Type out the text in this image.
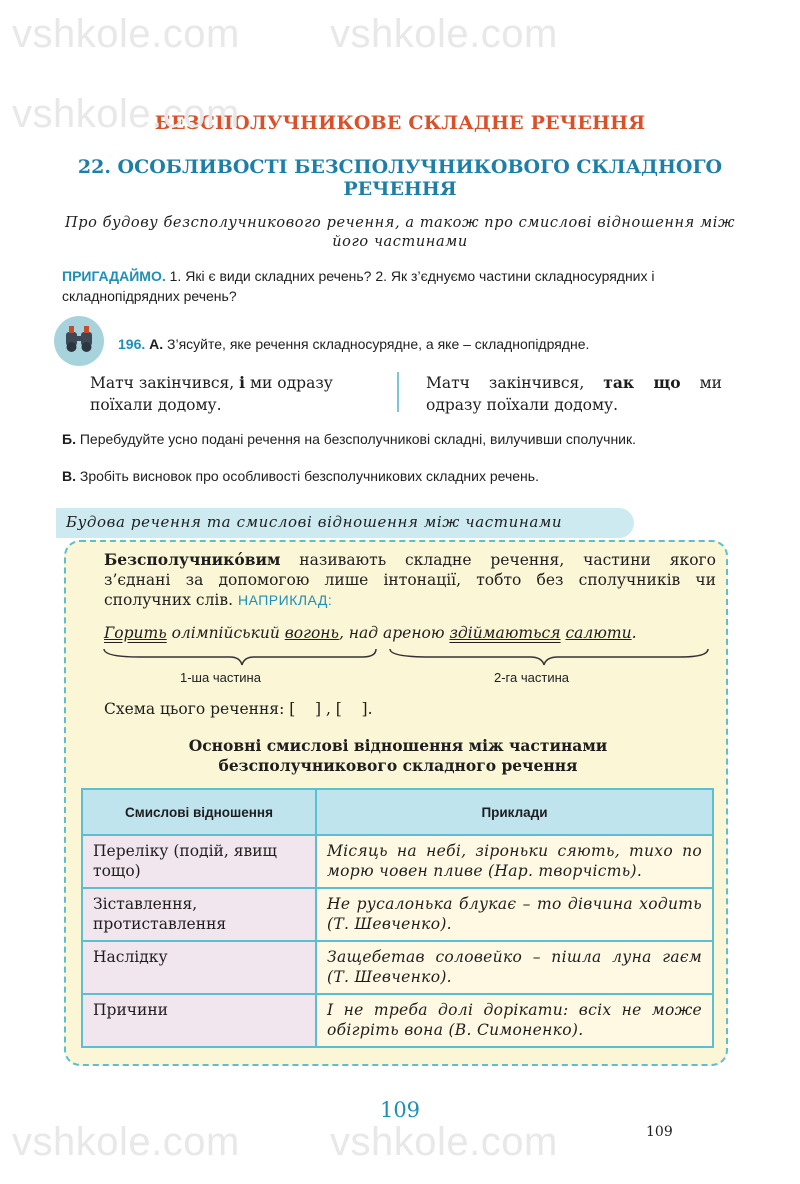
БЕЗСПОЛУЧНИКОВЕ СКЛАДНЕ РЕЧЕННЯ
22. ОСОБЛИВОСТІ БЕЗСПОЛУЧНИКОВОГО СКЛАДНОГО РЕЧЕННЯ
Про будову безсполучникового речення, а також про смислові відношення між його частинами
ПРИГАДАЙМО. 1. Які є види складних речень? 2. Як з’єднуємо частини складносурядних і складнопідрядних речень?
196. А. З’ясуйте, яке речення складносурядне, а яке – складнопідрядне.
Матч закінчився, і ми одразу поїхали додому.
Матч закінчився, так що ми одразу поїхали додому.
Б. Перебудуйте усно подані речення на безсполучникові складні, вилучивши сполучник.
В. Зробіть висновок про особливості безсполучникових складних речень.
Будова речення та смислові відношення між частинами
Безсполучнико́вим називають складне речення, частини якого з’єднані за допомогою лише інтонації, тобто без сполучників чи сполучних слів. НАПРИКЛАД:
Горить олімпійський вогонь, над ареною здіймаються салюти.
1-ша частина	2-га частина
Схема цього речення: [    ] , [    ].
Основні смислові відношення між частинами безсполучникового складного речення
Смислові відношення	Приклади
Переліку (подій, явищ тощо)	Місяць на небі, зіроньки сяють, тихо по морю човен пливе (Нар. творчість).
Зіставлення, протиставлення	Не русалонька блукає – то дівчина ходить (Т. Шевченко).
Наслідку	Защебетав соловейко – пішла луна гаєм (Т. Шевченко).
Причини	І не треба долі дорікати: всіх не може обігріть вона (В. Симоненко).
109
109
vshkole.com
vshkole.com
vshkole.com
vshkole.com
vshkole.com
